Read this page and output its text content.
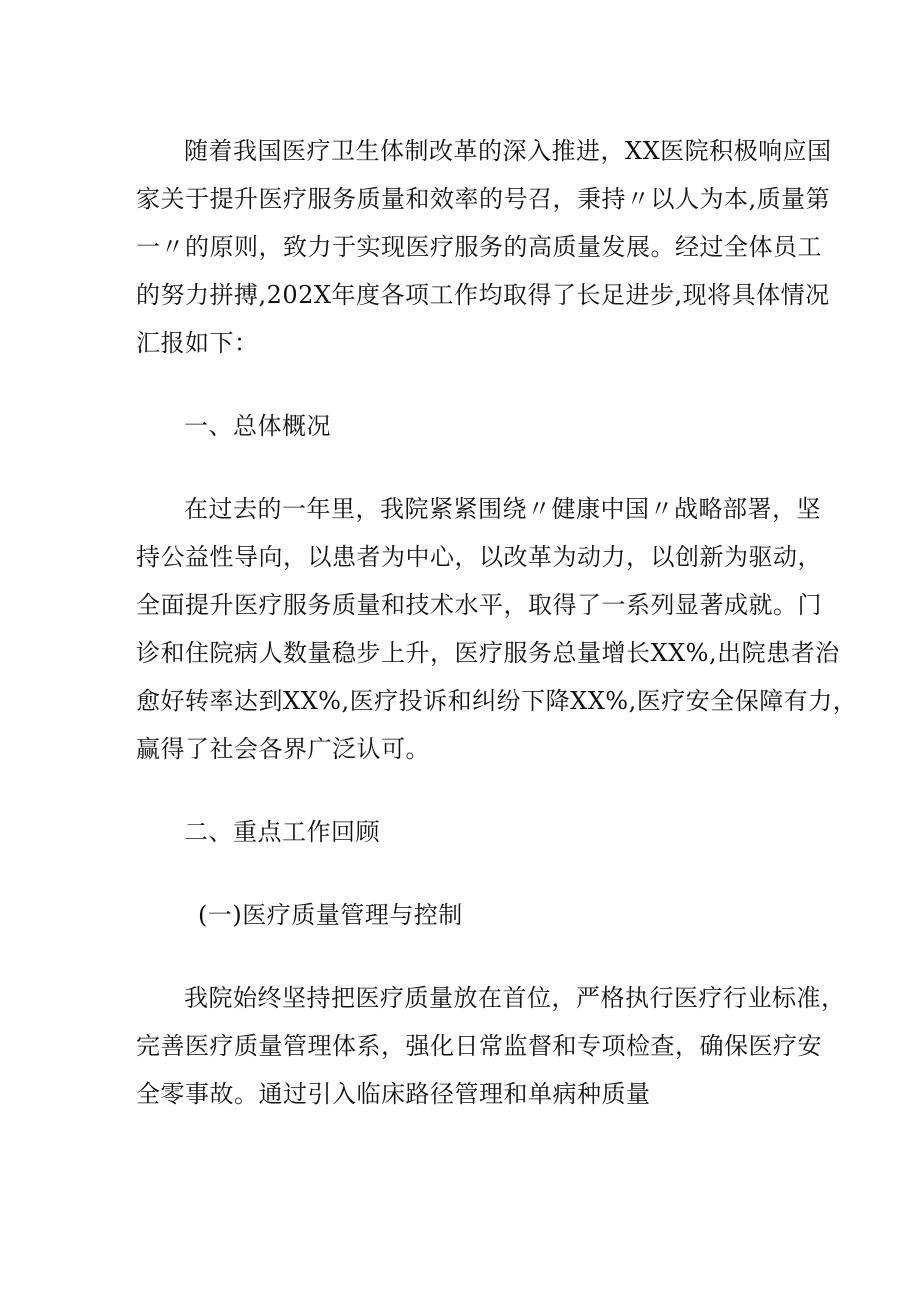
随着我国医疗卫生体制改革的深入推进，XX医院积极响应国
家关于提升医疗服务质量和效率的号召，秉持〃以人为本,质量第
一〃的原则，致力于实现医疗服务的高质量发展。经过全体员工
的努力拼搏,202X年度各项工作均取得了长足进步,现将具体情况
汇报如下：
一、总体概况
在过去的一年里，我院紧紧围绕〃健康中国〃战略部署，坚
持公益性导向，以患者为中心，以改革为动力，以创新为驱动，
全面提升医疗服务质量和技术水平，取得了一系列显著成就。门
诊和住院病人数量稳步上升，医疗服务总量增长XX%,出院患者治
愈好转率达到XX%,医疗投诉和纠纷下降XX%,医疗安全保障有力，
赢得了社会各界广泛认可。
二、重点工作回顾
(一)医疗质量管理与控制
我院始终坚持把医疗质量放在首位，严格执行医疗行业标准，
完善医疗质量管理体系，强化日常监督和专项检查，确保医疗安
全零事故。通过引入临床路径管理和单病种质量
